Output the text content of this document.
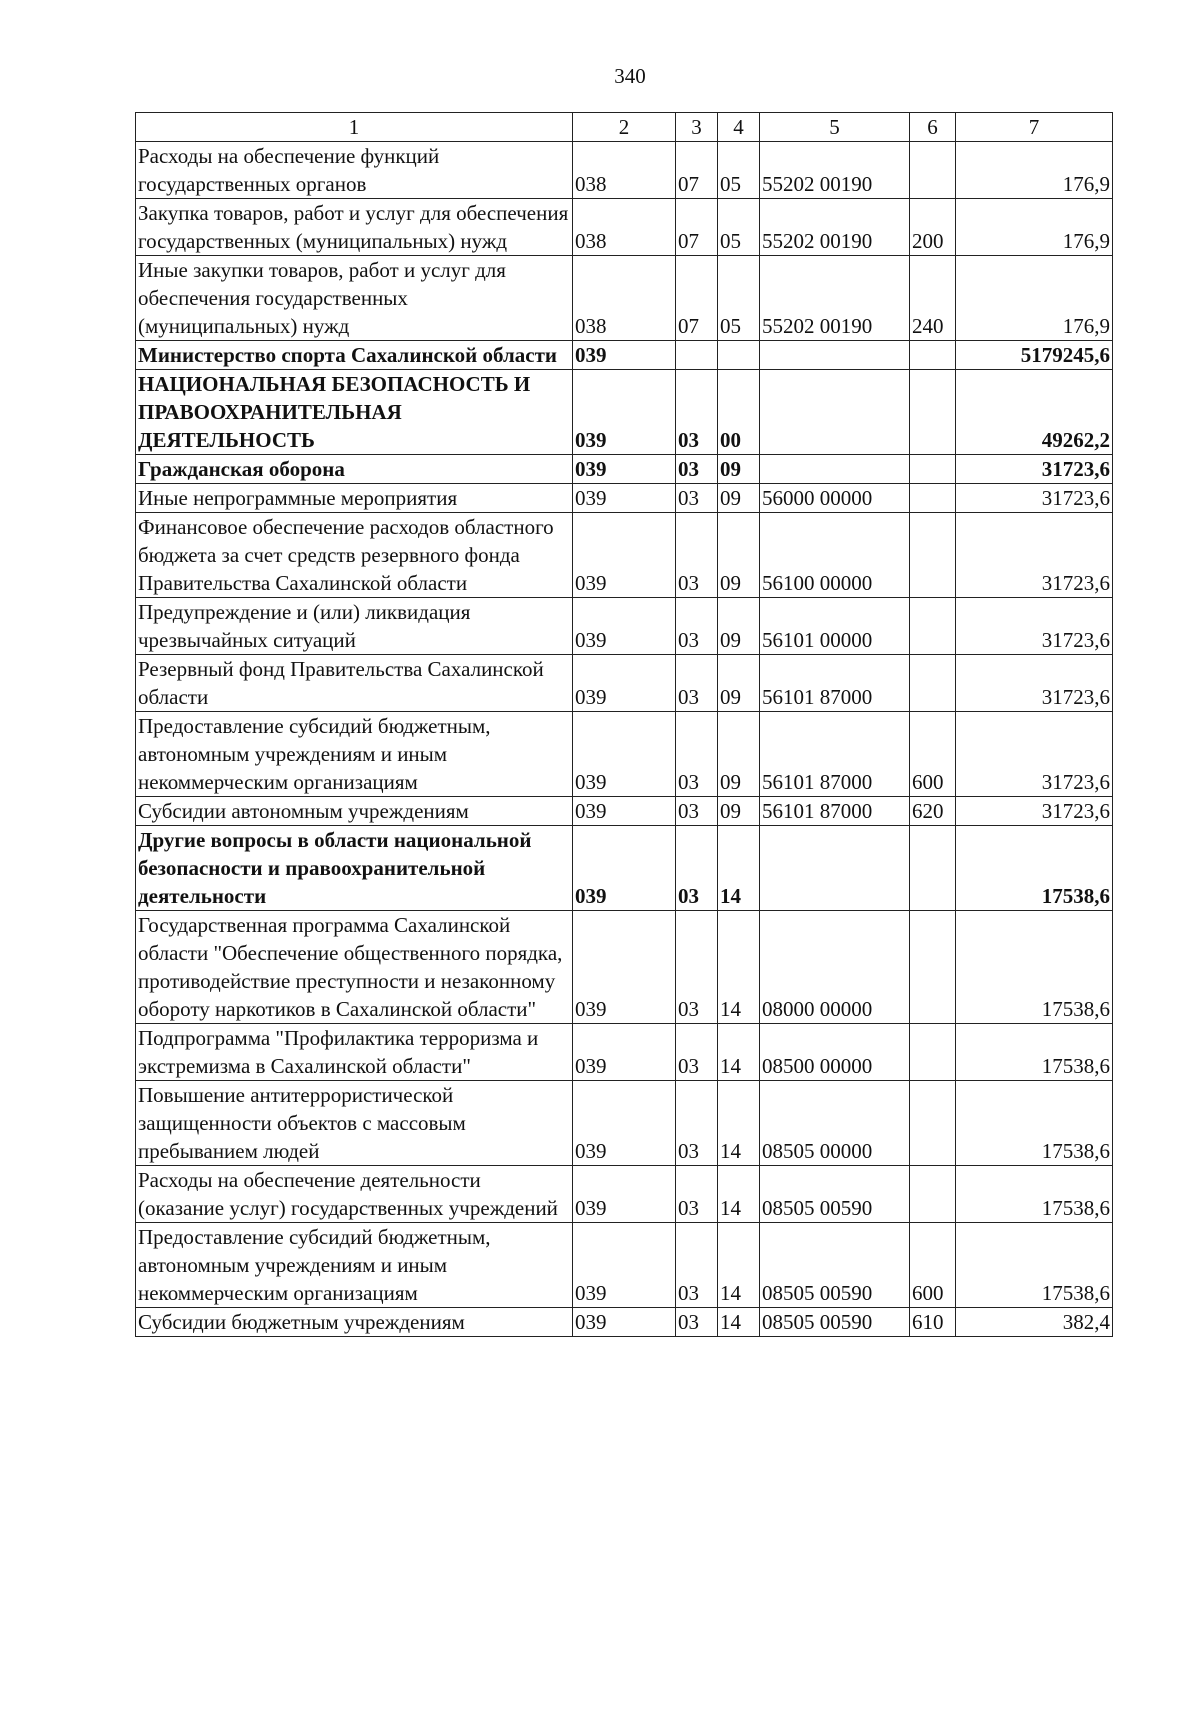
340
1	2	3	4	5	6	7
Расходы на обеспечение функций государственных органов	038	07	05	55202 00190		176,9
Закупка товаров, работ и услуг для обеспечения государственных (муниципальных) нужд	038	07	05	55202 00190	200	176,9
Иные закупки товаров, работ и услуг для обеспечения государственных (муниципальных) нужд	038	07	05	55202 00190	240	176,9
Министерство спорта Сахалинской области	039					5179245,6
НАЦИОНАЛЬНАЯ БЕЗОПАСНОСТЬ И ПРАВООХРАНИТЕЛЬНАЯ ДЕЯТЕЛЬНОСТЬ	039	03	00			49262,2
Гражданская оборона	039	03	09			31723,6
Иные непрограммные мероприятия	039	03	09	56000 00000		31723,6
Финансовое обеспечение расходов областного бюджета за счет средств резервного фонда Правительства Сахалинской области	039	03	09	56100 00000		31723,6
Предупреждение и (или) ликвидация чрезвычайных ситуаций	039	03	09	56101 00000		31723,6
Резервный фонд Правительства Сахалинской области	039	03	09	56101 87000		31723,6
Предоставление субсидий бюджетным, автономным учреждениям и иным некоммерческим организациям	039	03	09	56101 87000	600	31723,6
Субсидии автономным учреждениям	039	03	09	56101 87000	620	31723,6
Другие вопросы в области национальной безопасности и правоохранительной деятельности	039	03	14			17538,6
Государственная программа Сахалинской области "Обеспечение общественного порядка, противодействие преступности и незаконному обороту наркотиков в Сахалинской области"	039	03	14	08000 00000		17538,6
Подпрограмма "Профилактика терроризма и экстремизма в Сахалинской области"	039	03	14	08500 00000		17538,6
Повышение антитеррористической защищенности объектов с массовым пребыванием людей	039	03	14	08505 00000		17538,6
Расходы на обеспечение деятельности (оказание услуг) государственных учреждений	039	03	14	08505 00590		17538,6
Предоставление субсидий бюджетным, автономным учреждениям и иным некоммерческим организациям	039	03	14	08505 00590	600	17538,6
Субсидии бюджетным учреждениям	039	03	14	08505 00590	610	382,4
